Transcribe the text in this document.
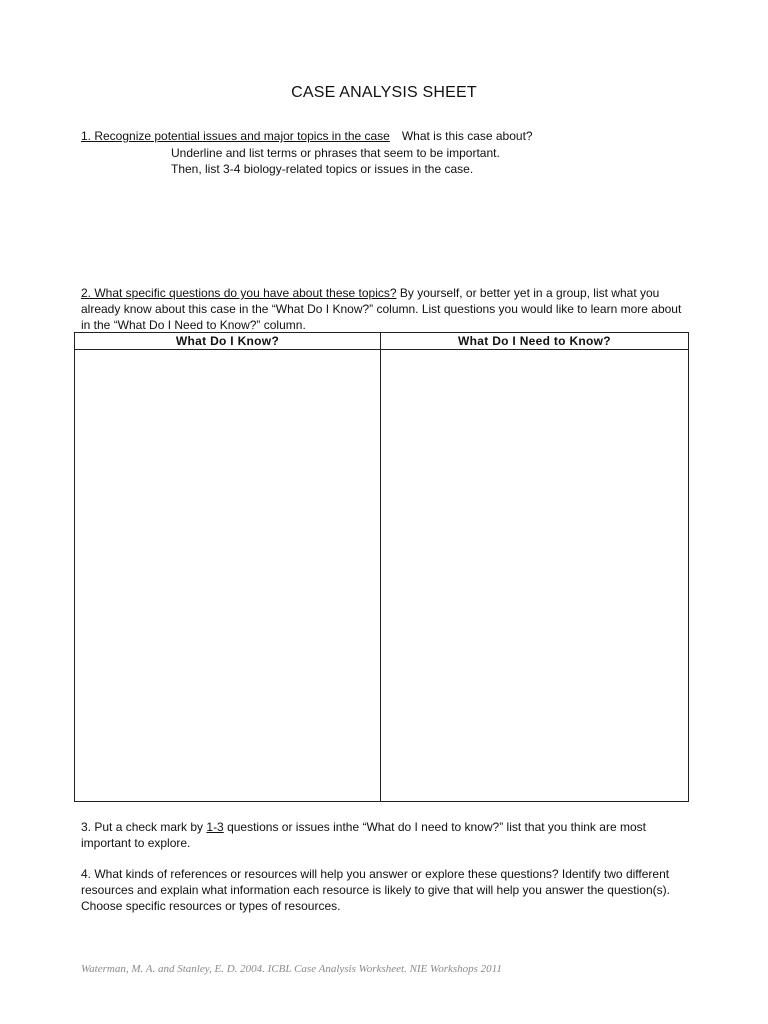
CASE ANALYSIS SHEET
1. Recognize potential issues and major topics in the case What is this case about?
Underline and list terms or phrases that seem to be important.
Then, list 3-4 biology-related topics or issues in the case.
2. What specific questions do you have about these topics? By yourself, or better yet in a group, list what you already know about this case in the “What Do I Know?” column. List questions you would like to learn more about in the “What Do I Need to Know?” column.
What Do I Know?	What Do I Need to Know?
3. Put a check mark by 1-3 questions or issues inthe “What do I need to know?” list that you think are most important to explore.
4. What kinds of references or resources will help you answer or explore these questions? Identify two different resources and explain what information each resource is likely to give that will help you answer the question(s). Choose specific resources or types of resources.
Waterman, M. A. and Stanley, E. D. 2004. ICBL Case Analysis Worksheet. NIE Workshops 2011
